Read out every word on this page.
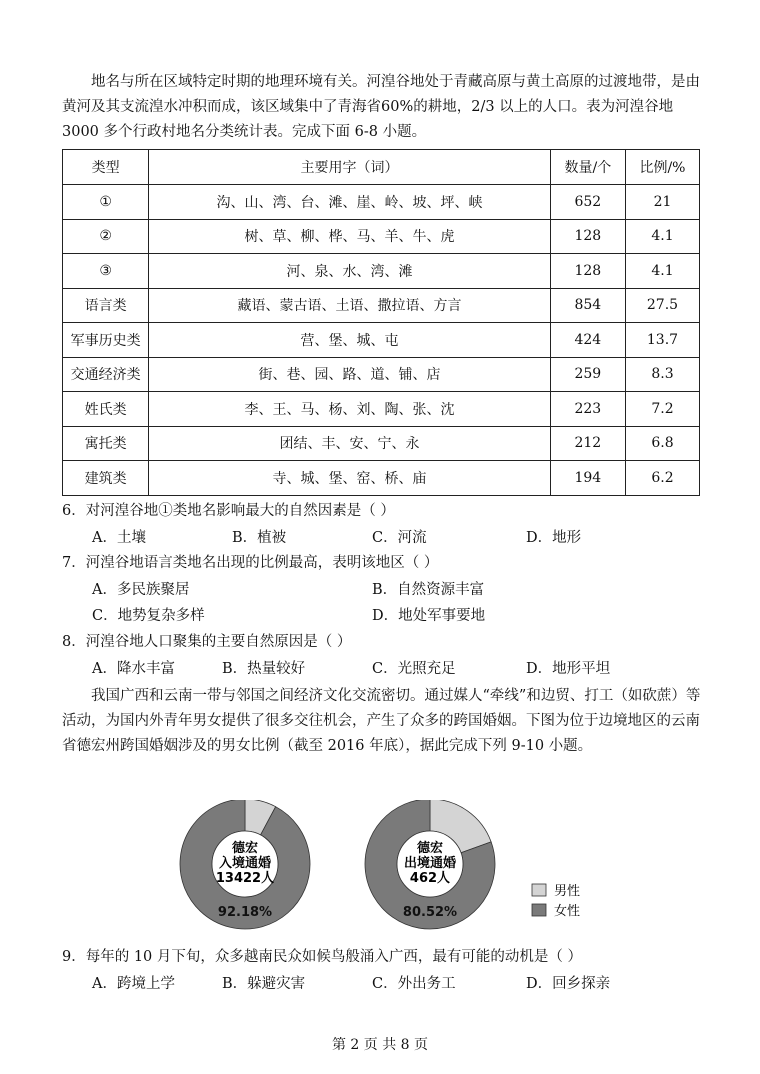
地名与所在区域特定时期的地理环境有关。河湟谷地处于青藏高原与黄土高原的过渡地带，是由黄河及其支流湟水冲积而成，该区域集中了青海省60%的耕地，2/3 以上的人口。表为河湟谷地 3000 多个行政村地名分类统计表。完成下面 6-8 小题。

类型	主要用字（词）	数量/个	比例/%
①	沟、山、湾、台、滩、崖、岭、坡、坪、峡	652	21
②	树、草、柳、桦、马、羊、牛、虎	128	4.1
③	河、泉、水、湾、滩	128	4.1
语言类	藏语、蒙古语、土语、撒拉语、方言	854	27.5
军事历史类	营、堡、城、屯	424	13.7
交通经济类	街、巷、园、路、道、铺、店	259	8.3
姓氏类	李、王、马、杨、刘、陶、张、沈	223	7.2
寓托类	团结、丰、安、宁、永	212	6.8
建筑类	寺、城、堡、窑、桥、庙	194	6.2

6．对河湟谷地①类地名影响最大的自然因素是（ ）

A．土壤	B．植被	C．河流	D．地形

7．河湟谷地语言类地名出现的比例最高，表明该地区（ ）

A．多民族聚居	B．自然资源丰富
C．地势复杂多样	D．地处军事要地

8．河湟谷地人口聚集的主要自然原因是（ ）

A．降水丰富	B．热量较好	C．光照充足	D．地形平坦

我国广西和云南一带与邻国之间经济文化交流密切。通过媒人“牵线”和边贸、打工（如砍蔗）等活动，为国内外青年男女提供了很多交往机会，产生了众多的跨国婚姻。下图为位于边境地区的云南省德宏州跨国婚姻涉及的男女比例（截至 2016 年底），据此完成下列 9-10 小题。

德宏
入境通婚
13422人
92.18%
德宏
出境通婚
462人
80.52%
男性
女性

9．每年的 10 月下旬，众多越南民众如候鸟般涌入广西，最有可能的动机是（ ）

A．跨境上学	B．躲避灾害	C．外出务工	D．回乡探亲
第 2 页 共 8 页
